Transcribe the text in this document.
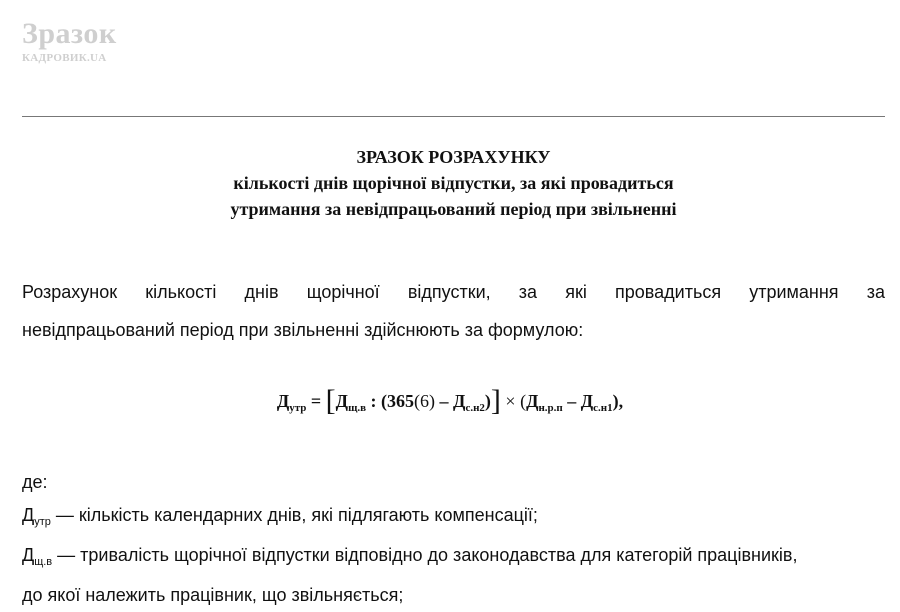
Зразок
КАДРОВИК.UA
ЗРАЗОК РОЗРАХУНКУ
кількості днів щорічної відпустки, за які провадиться
утримання за невідпрацьований період при звільненні
Розрахунок кількості днів щорічної відпустки, за які провадиться утримання за
невідпрацьований період при звільненні здійснюють за формулою:
$Д_{утр} = [Д_{щ.в}$ : $(365(6) - Д_{с.н2})] \times (Д_{н.р.п} - Д_{с.н1})$,
де:
$Д_{утр}$ — кількість календарних днів, які підлягають компенсації;
$Д_{щ.в}$ — тривалість щорічної відпустки відповідно до законодавства для категорій працівників,
до якої належить працівник, що звільняється;
